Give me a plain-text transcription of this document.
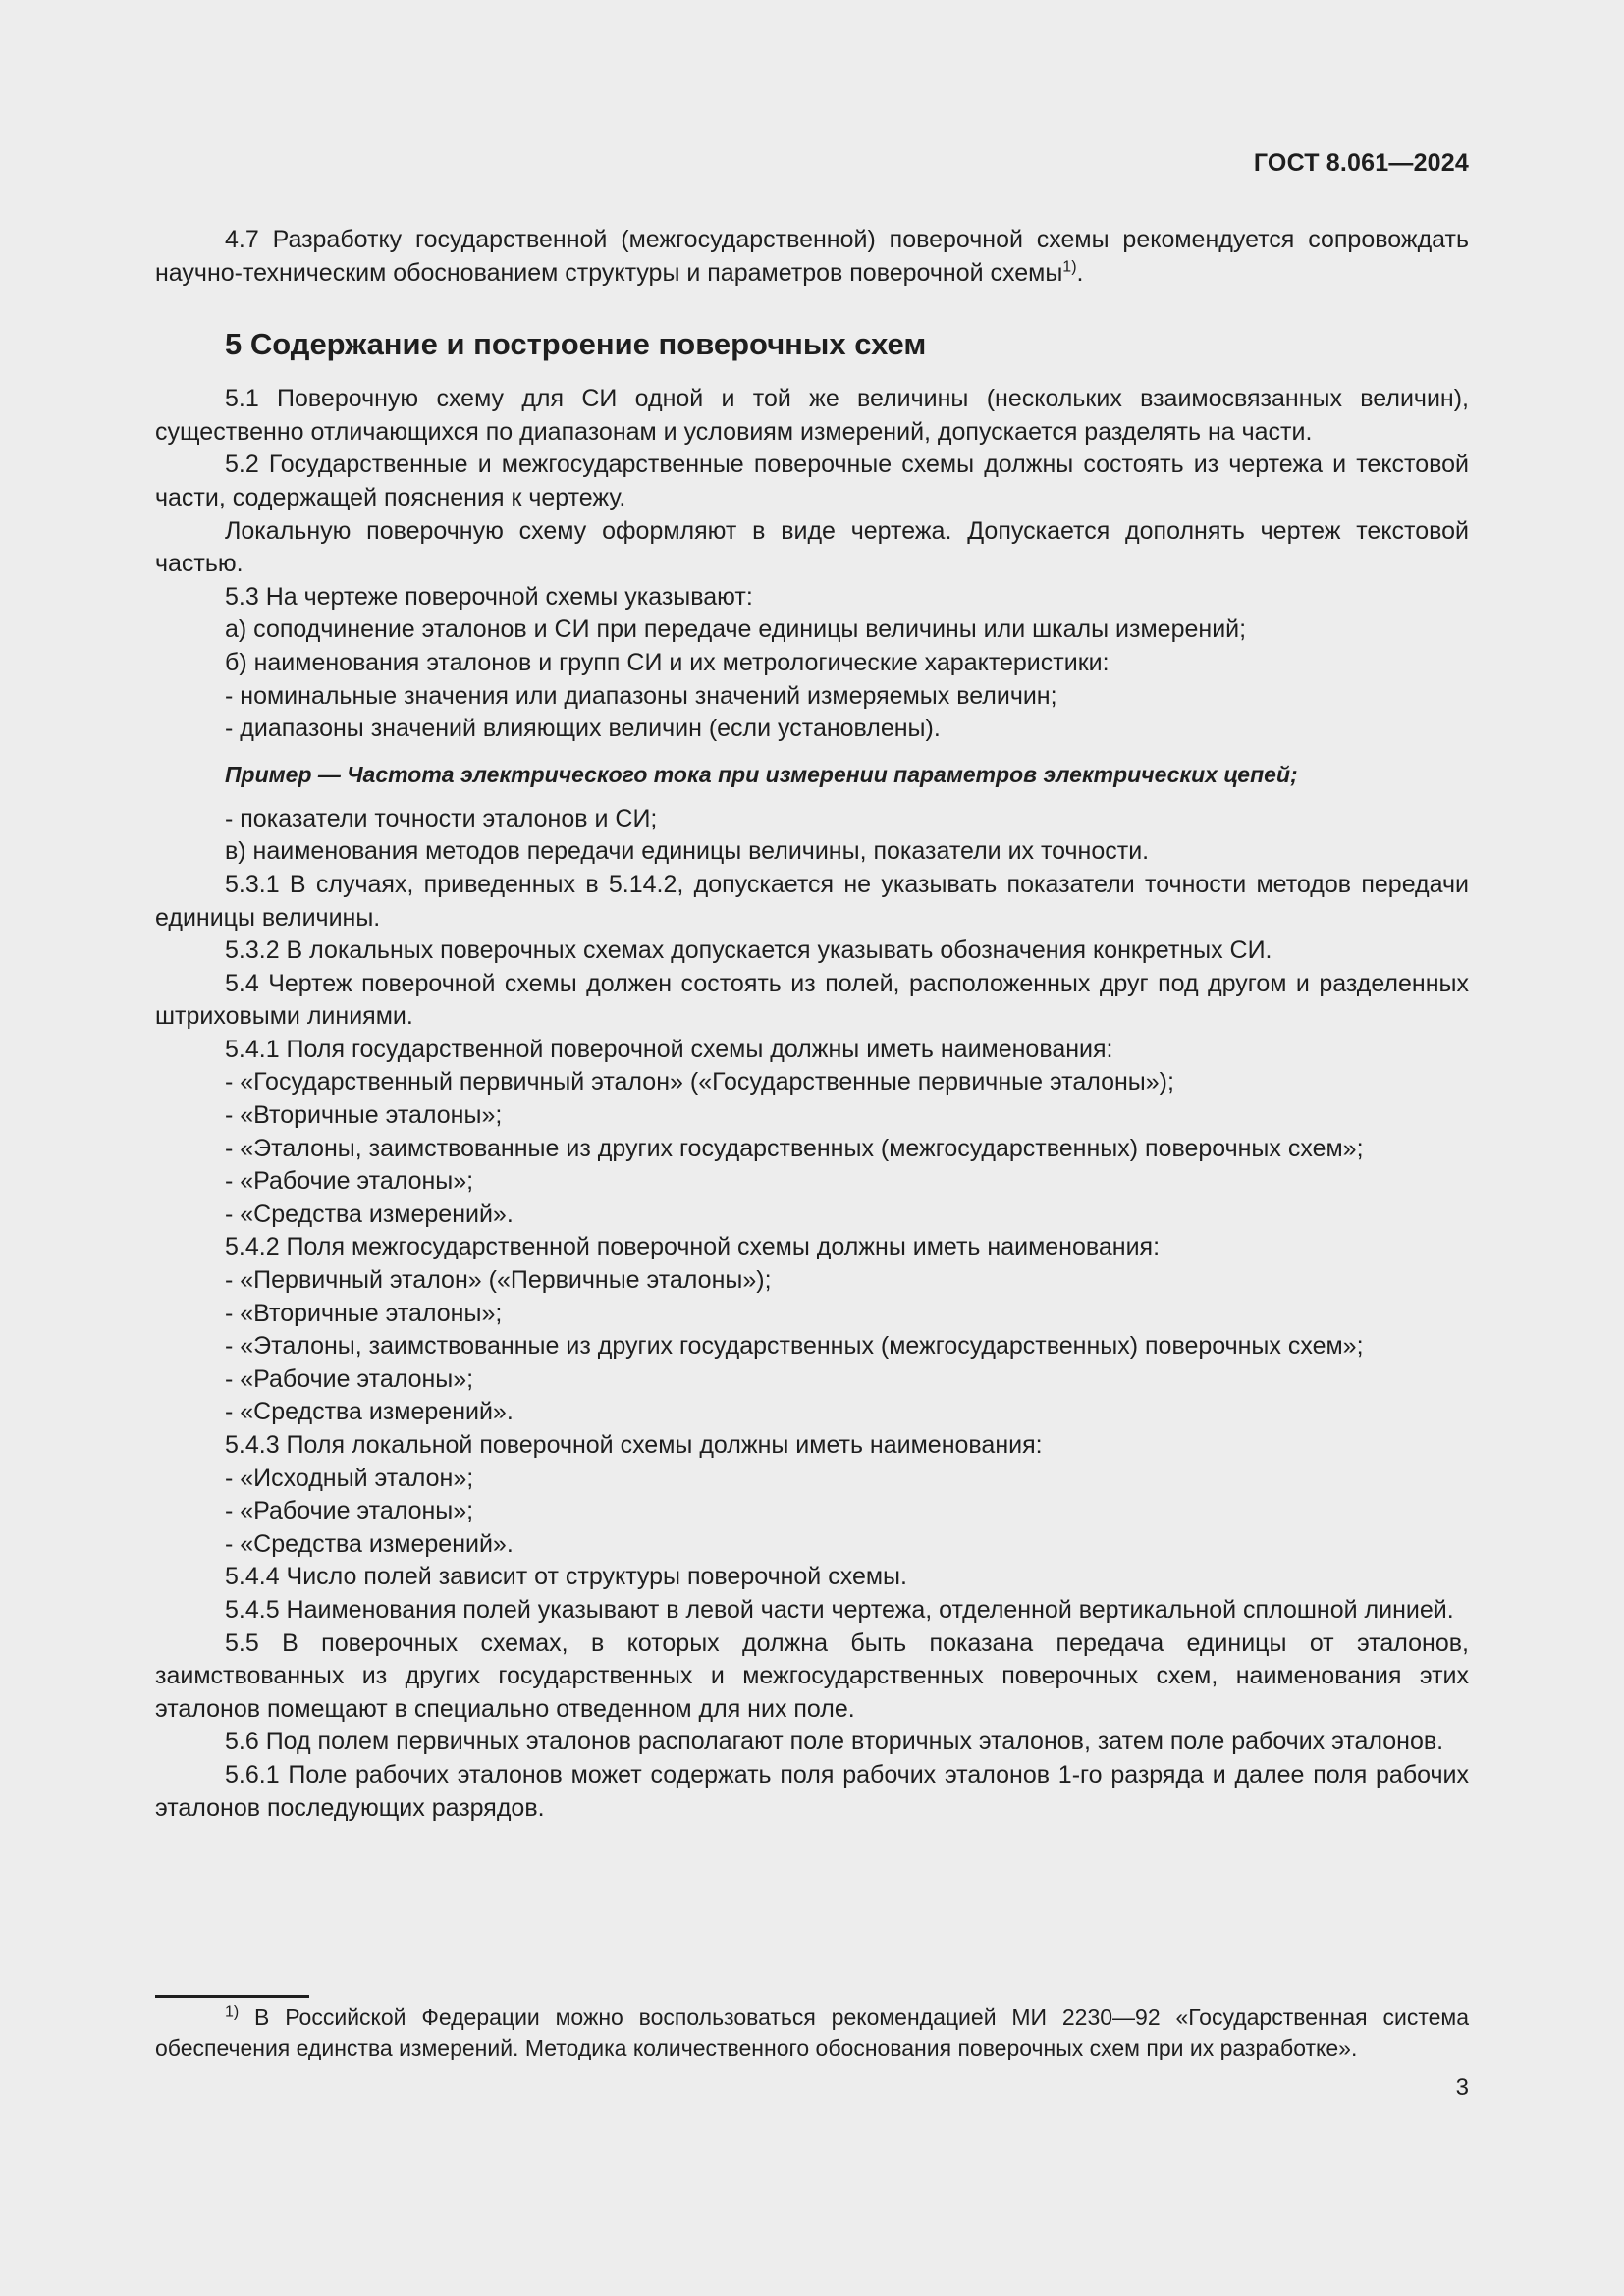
ГОСТ 8.061—2024

4.7 Разработку государственной (межгосударственной) поверочной схемы рекомендуется сопровождать научно-техническим обоснованием структуры и параметров поверочной схемы$^{1)}$.

5 Содержание и построение поверочных схем

5.1 Поверочную схему для СИ одной и той же величины (нескольких взаимосвязанных величин), существенно отличающихся по диапазонам и условиям измерений, допускается разделять на части.

5.2 Государственные и межгосударственные поверочные схемы должны состоять из чертежа и текстовой части, содержащей пояснения к чертежу.

Локальную поверочную схему оформляют в виде чертежа. Допускается дополнять чертеж текстовой частью.

5.3 На чертеже поверочной схемы указывают:

а) соподчинение эталонов и СИ при передаче единицы величины или шкалы измерений;

б) наименования эталонов и групп СИ и их метрологические характеристики:

- номинальные значения или диапазоны значений измеряемых величин;

- диапазоны значений влияющих величин (если установлены).

Пример — Частота электрического тока при измерении параметров электрических цепей;

- показатели точности эталонов и СИ;

в) наименования методов передачи единицы величины, показатели их точности.

5.3.1 В случаях, приведенных в 5.14.2, допускается не указывать показатели точности методов передачи единицы величины.

5.3.2 В локальных поверочных схемах допускается указывать обозначения конкретных СИ.

5.4 Чертеж поверочной схемы должен состоять из полей, расположенных друг под другом и разделенных штриховыми линиями.

5.4.1 Поля государственной поверочной схемы должны иметь наименования:

- «Государственный первичный эталон» («Государственные первичные эталоны»);

- «Вторичные эталоны»;

- «Эталоны, заимствованные из других государственных (межгосударственных) поверочных схем»;

- «Рабочие эталоны»;

- «Средства измерений».

5.4.2 Поля межгосударственной поверочной схемы должны иметь наименования:

- «Первичный эталон» («Первичные эталоны»);

- «Вторичные эталоны»;

- «Эталоны, заимствованные из других государственных (межгосударственных) поверочных схем»;

- «Рабочие эталоны»;

- «Средства измерений».

5.4.3 Поля локальной поверочной схемы должны иметь наименования:

- «Исходный эталон»;

- «Рабочие эталоны»;

- «Средства измерений».

5.4.4 Число полей зависит от структуры поверочной схемы.

5.4.5 Наименования полей указывают в левой части чертежа, отделенной вертикальной сплошной линией.

5.5 В поверочных схемах, в которых должна быть показана передача единицы от эталонов, заимствованных из других государственных и межгосударственных поверочных схем, наименования этих эталонов помещают в специально отведенном для них поле.

5.6 Под полем первичных эталонов располагают поле вторичных эталонов, затем поле рабочих эталонов.

5.6.1 Поле рабочих эталонов может содержать поля рабочих эталонов 1-го разряда и далее поля рабочих эталонов последующих разрядов.

$^{1)}$ В Российской Федерации можно воспользоваться рекомендацией МИ 2230—92 «Государственная система обеспечения единства измерений. Методика количественного обоснования поверочных схем при их разработке».

3
